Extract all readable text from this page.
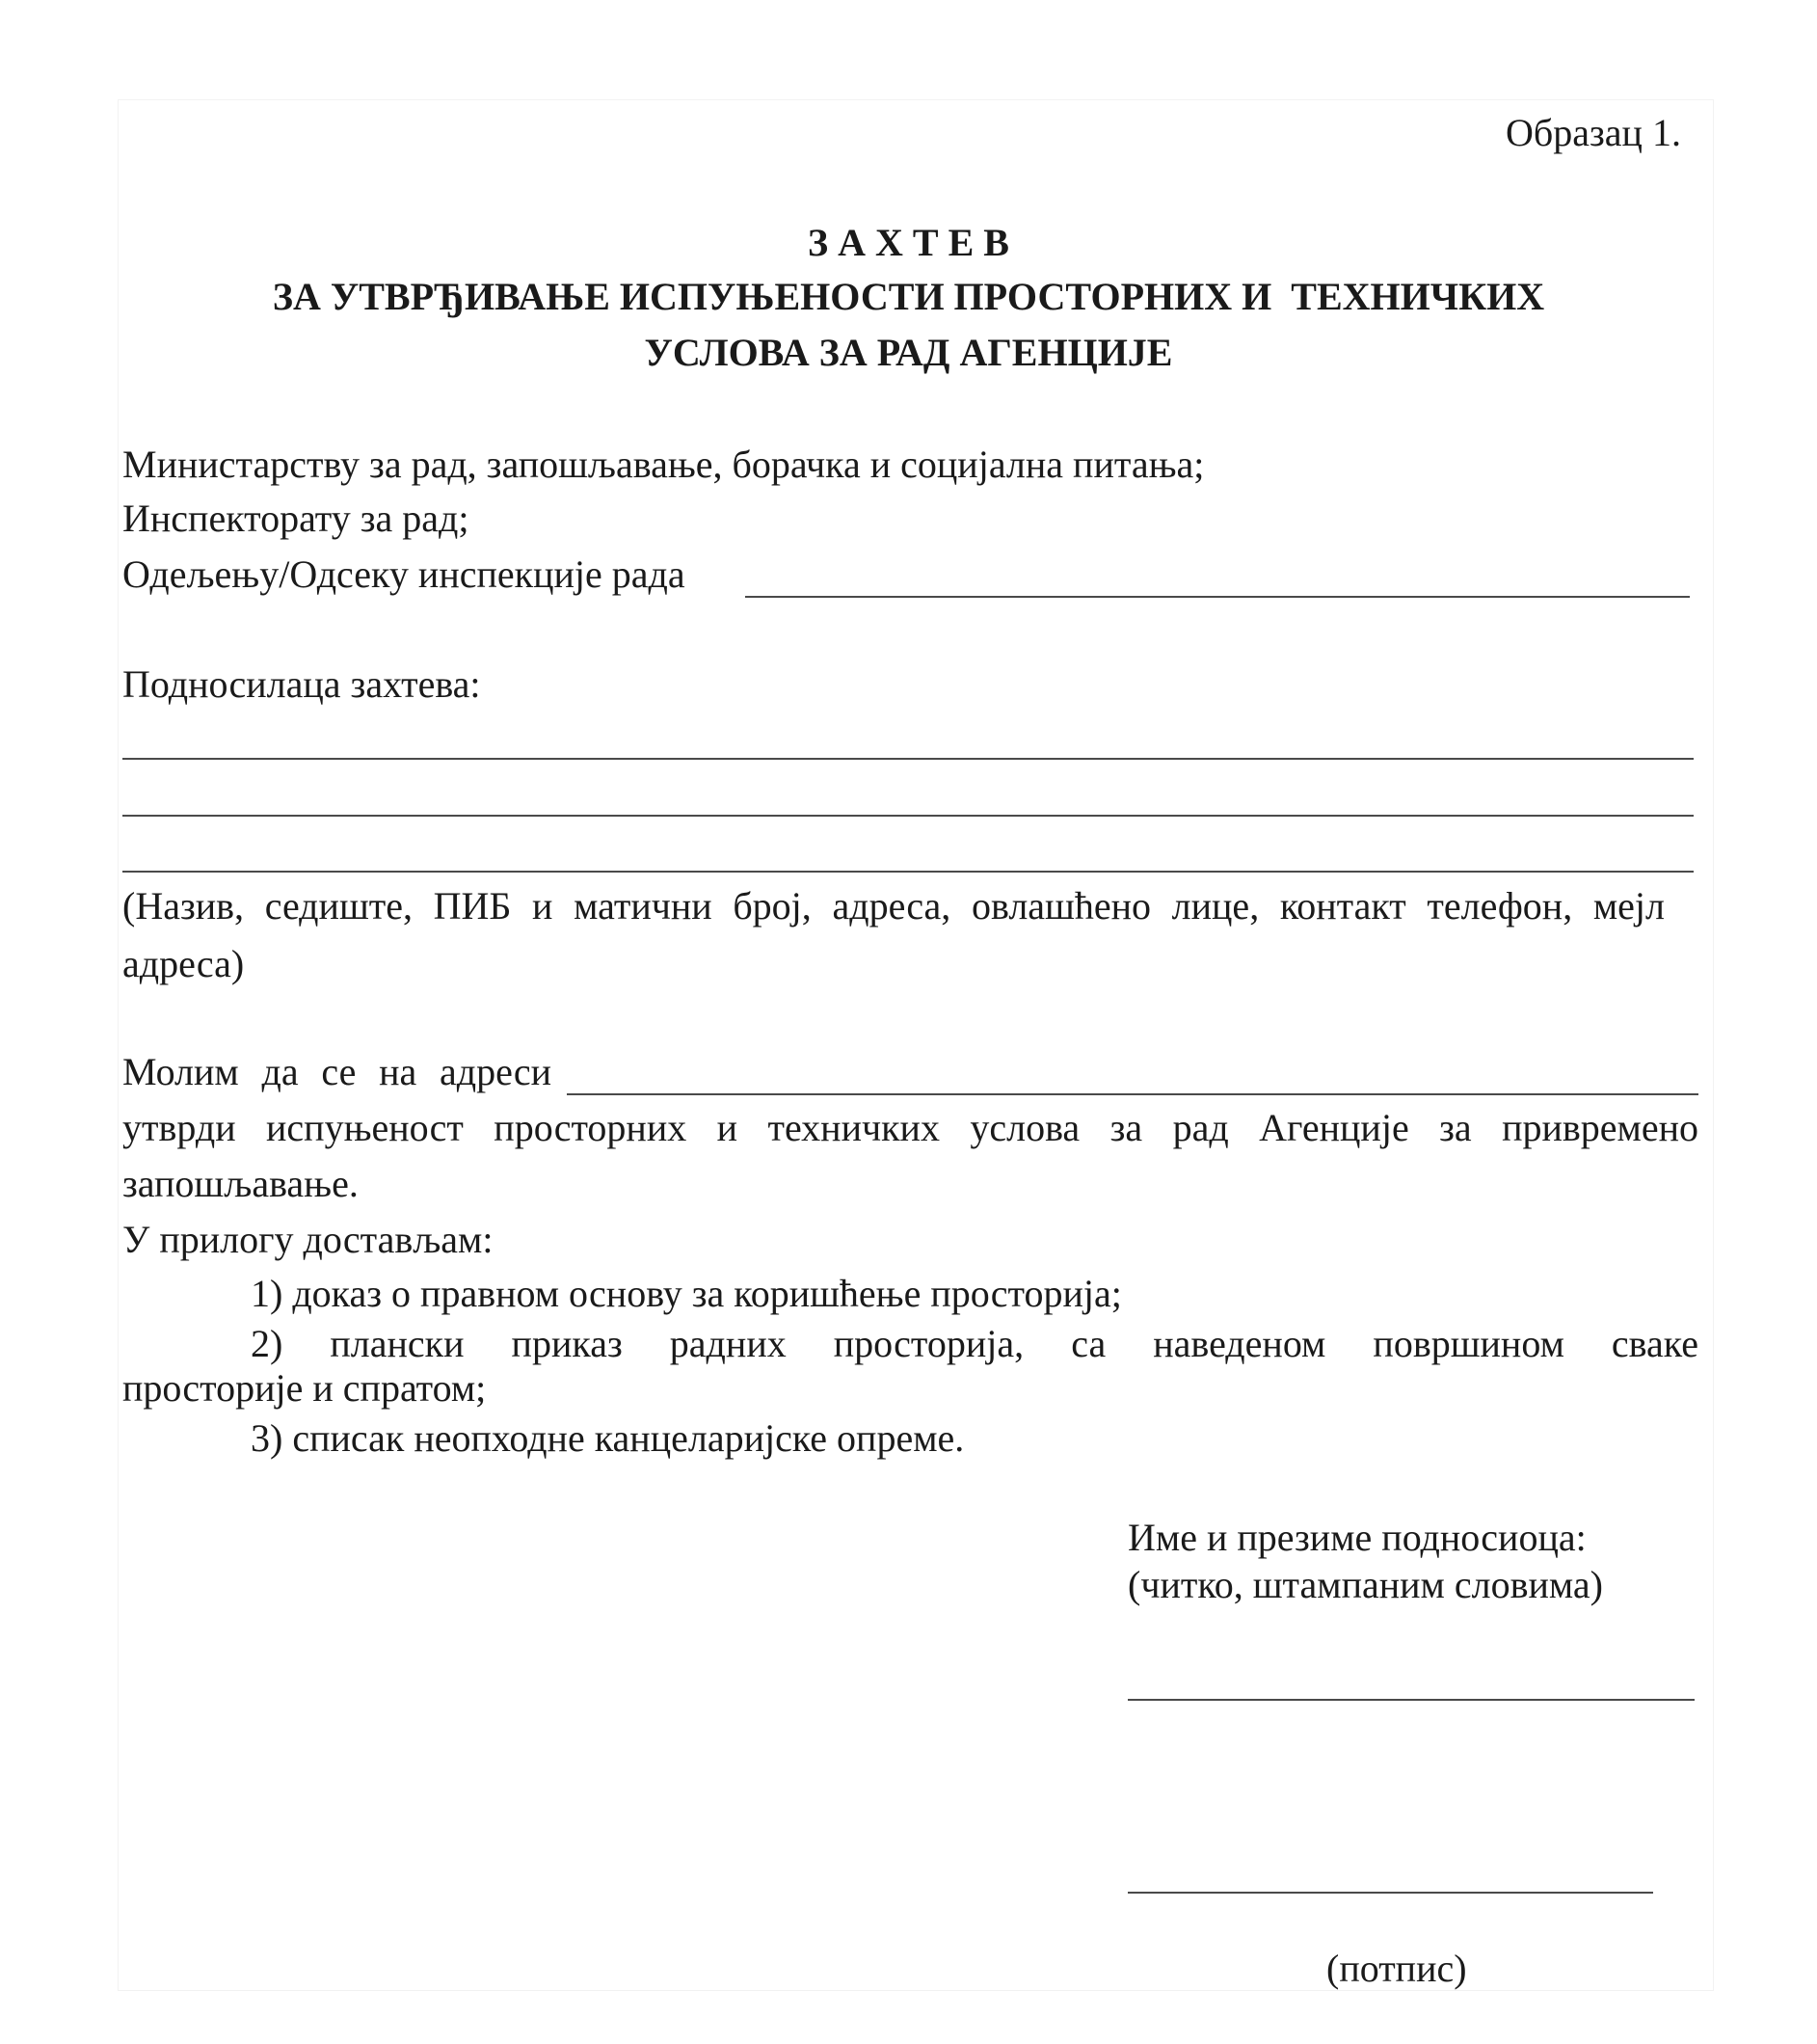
Образац 1.
З А Х Т Е В
ЗА УТВРЂИВАЊЕ ИСПУЊЕНОСТИ ПРОСТОРНИХ И  ТЕХНИЧКИХ
УСЛОВА ЗА РАД АГЕНЦИЈЕ
Министарству за рад, запошљавање, борачка и социјална питања;
Инспекторату за рад;
Одељењу/Одсеку инспекције рада
Подносилаца захтева:
(Назив, седиште, ПИБ и матични број, адреса, овлашћено лице, контакт телефон, мејл
адреса)
Молим да се на адреси
утврди испуњеност просторних и техничких услова за рад Агенције за привремено
запошљавање.
У прилогу достављам:
1) доказ о правном основу за коришћење просторија;
2) плански приказ радних просторија, са наведеном површином сваке
просторије и спратом;
3) списак неопходне канцеларијске опреме.
Име и презиме подносиоца:
(читко, штампаним словима)
(потпис)
